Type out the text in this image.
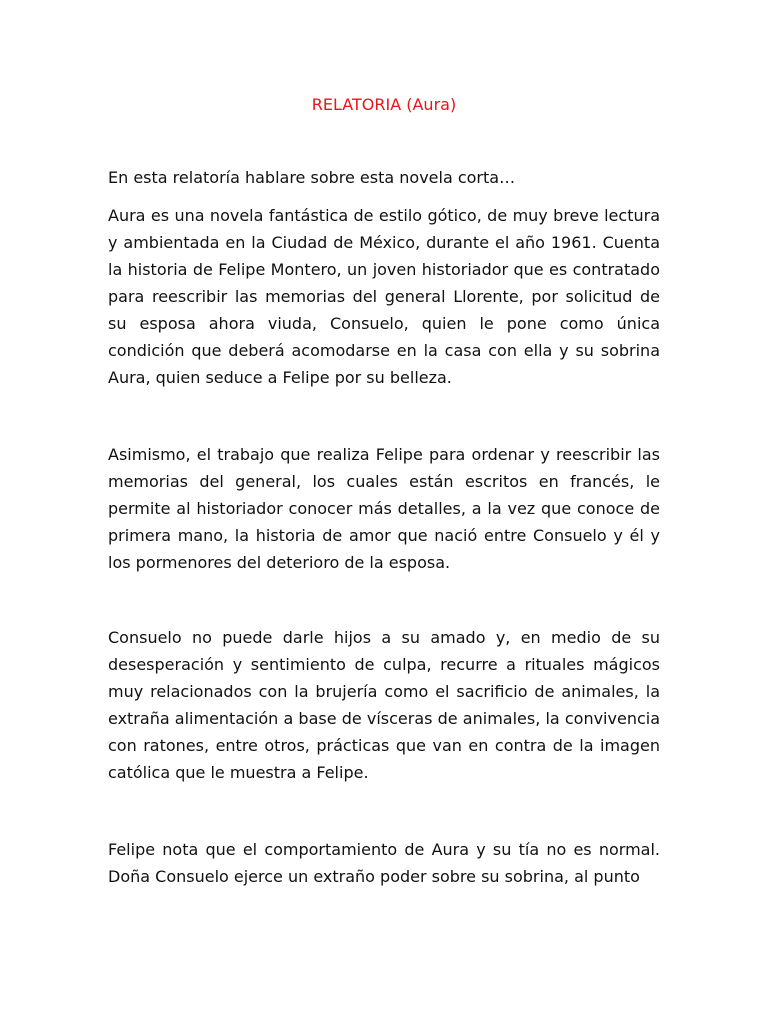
RELATORIA (Aura)

En esta relatoría hablare sobre esta novela corta…

Aura es una novela fantástica de estilo gótico, de muy breve lectura y ambientada en la Ciudad de México, durante el año 1961. Cuenta la historia de Felipe Montero, un joven historiador que es contratado para reescribir las memorias del general Llorente, por solicitud de su esposa ahora viuda, Consuelo, quien le pone como única condición que deberá acomodarse en la casa con ella y su sobrina Aura, quien seduce a Felipe por su belleza.

Asimismo, el trabajo que realiza Felipe para ordenar y reescribir las memorias del general, los cuales están escritos en francés, le permite al historiador conocer más detalles, a la vez que conoce de primera mano, la historia de amor que nació entre Consuelo y él y los pormenores del deterioro de la esposa.

Consuelo no puede darle hijos a su amado y, en medio de su desesperación y sentimiento de culpa, recurre a rituales mágicos muy relacionados con la brujería como el sacrificio de animales, la extraña alimentación a base de vísceras de animales, la convivencia con ratones, entre otros, prácticas que van en contra de la imagen católica que le muestra a Felipe.

Felipe nota que el comportamiento de Aura y su tía no es normal. Doña Consuelo ejerce un extraño poder sobre su sobrina, al punto
